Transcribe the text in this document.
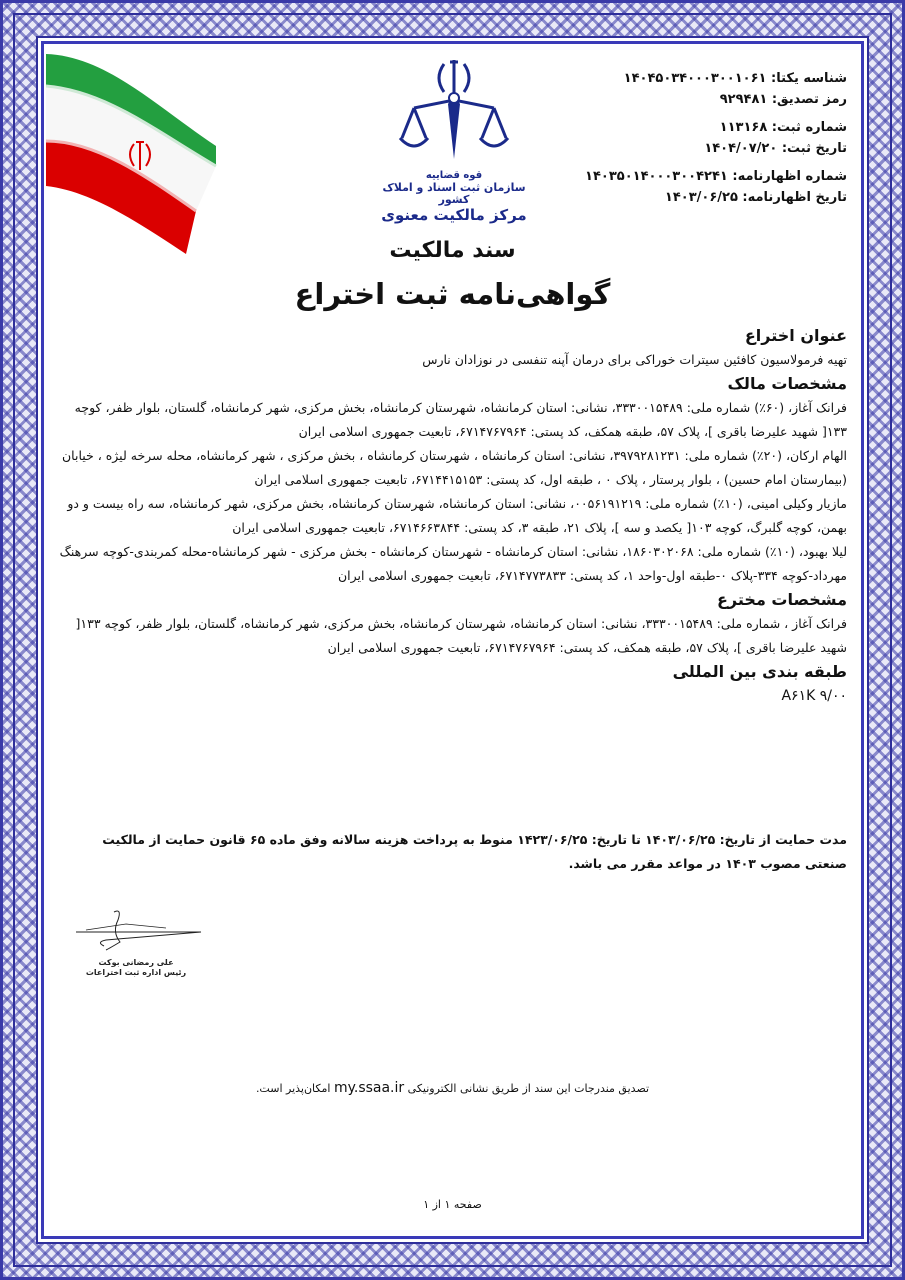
قوه قضاییه
سازمان ثبت اسناد و املاک کشور
مرکز مالکیت معنوی
شناسه یکتا: ۱۴۰۴۵۰۳۴۰۰۰۳۰۰۱۰۶۱
رمز تصدیق: ۹۲۹۴۸۱
شماره ثبت: ۱۱۳۱۶۸
تاریخ ثبت: ۱۴۰۴/۰۷/۲۰
شماره اظهارنامه: ۱۴۰۳۵۰۱۴۰۰۰۳۰۰۴۲۴۱
تاریخ اظهارنامه: ۱۴۰۳/۰۶/۲۵
سند مالکیت
گواهی‌نامه ثبت اختراع

عنوان اختراع

تهیه فرمولاسیون کافئین سیترات خوراکی برای درمان آپنه تنفسی در نوزادان نارس

مشخصات مالک

فرانک آغاز، (۶۰٪) شماره ملی: ۳۳۳۰۰۱۵۴۸۹، نشانی: استان کرمانشاه، شهرستان کرمانشاه، بخش مرکزی، شهر کرمانشاه، گلستان، بلوار ظفر، کوچه ۱۳۳[ شهید علیرضا باقری ]، پلاک ۵۷، طبقه همکف، کد پستی: ۶۷۱۴۷۶۷۹۶۴، تابعیت جمهوری اسلامی ایران

الهام ارکان، (۲۰٪) شماره ملی: ۳۹۷۹۲۸۱۲۳۱، نشانی: استان کرمانشاه ، شهرستان کرمانشاه ، بخش مرکزی ، شهر کرمانشاه، محله سرخه لیژه ، خیابان (بیمارستان امام حسین) ، بلوار پرستار ، پلاک ۰ ، طبقه اول، کد پستی: ۶۷۱۴۴۱۵۱۵۳، تابعیت جمهوری اسلامی ایران

مازیار وکیلی امینی، (۱۰٪) شماره ملی: ۰۰۵۶۱۹۱۲۱۹، نشانی: استان کرمانشاه، شهرستان کرمانشاه، بخش مرکزی، شهر کرمانشاه، سه راه بیست و دو بهمن، کوچه گلبرگ، کوچه ۱۰۳[ یکصد و سه ]، پلاک ۲۱، طبقه ۳، کد پستی: ۶۷۱۴۶۶۳۸۴۴، تابعیت جمهوری اسلامی ایران

لیلا بهبود، (۱۰٪) شماره ملی: ۱۸۶۰۳۰۲۰۶۸، نشانی: استان کرمانشاه - شهرستان کرمانشاه - بخش مرکزی - شهر کرمانشاه-محله کمربندی-کوچه سرهنگ مهرداد-کوچه ۳۳۴-پلاک ۰-طبقه اول-واحد ۱، کد پستی: ۶۷۱۴۷۷۳۸۳۳، تابعیت جمهوری اسلامی ایران

مشخصات مخترع

فرانک آغاز ، شماره ملی: ۳۳۳۰۰۱۵۴۸۹، نشانی: استان کرمانشاه، شهرستان کرمانشاه، بخش مرکزی، شهر کرمانشاه، گلستان، بلوار ظفر، کوچه ۱۳۳[ شهید علیرضا باقری ]، پلاک ۵۷، طبقه همکف، کد پستی: ۶۷۱۴۷۶۷۹۶۴، تابعیت جمهوری اسلامی ایران

طبقه بندی بین المللی

A۶۱K ۹/۰۰

مدت حمایت از تاریخ: ۱۴۰۳/۰۶/۲۵ تا تاریخ: ۱۴۲۳/۰۶/۲۵ منوط به پرداخت هزینه سالانه وفق ماده ۶۵ قانون حمایت از مالکیت صنعتی مصوب ۱۴۰۳ در مواعد مقرر می باشد.
علی رمضانی بوکت
رئیس اداره ثبت اختراعات
تصدیق مندرجات این سند از طریق نشانی الکترونیکی my.ssaa.ir امکان‌پذیر است.
صفحه ۱ از ۱
